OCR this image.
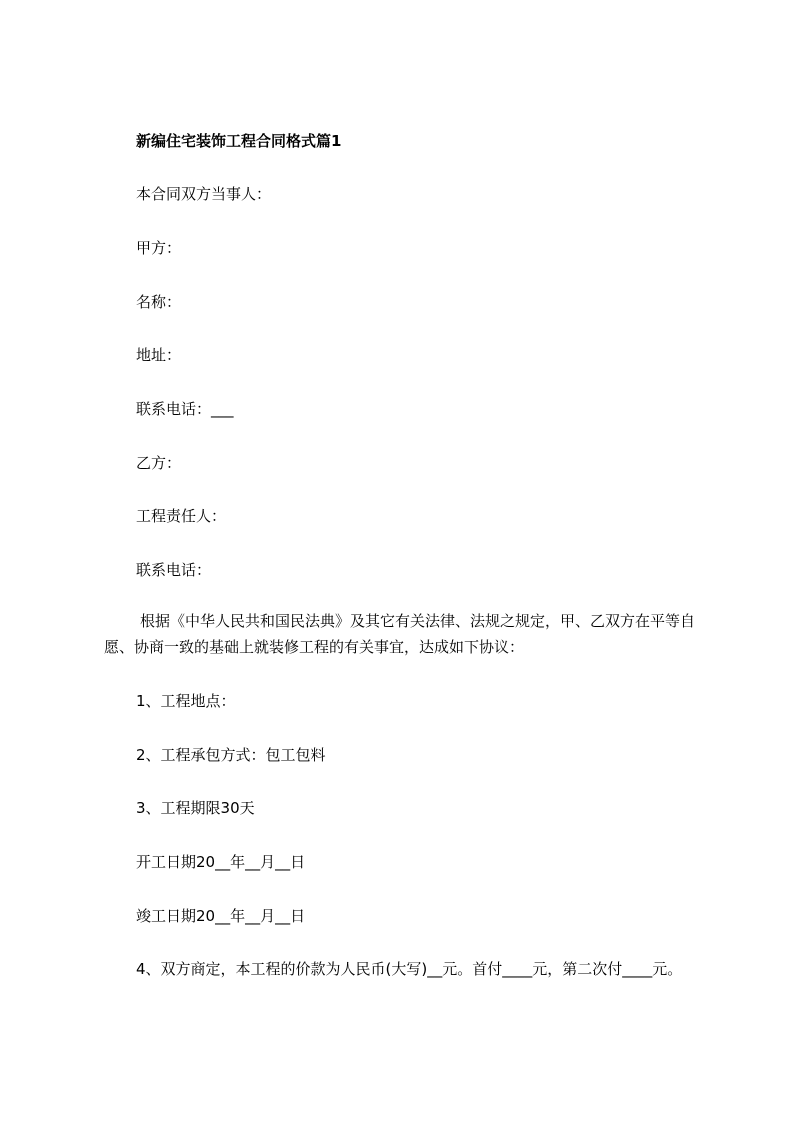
新编住宅装饰工程合同格式篇1
本合同双方当事人：
甲方：
名称：
地址：
联系电话：___
乙方：
工程责任人：
联系电话：
根据《中华人民共和国民法典》及其它有关法律、法规之规定，甲、乙双方在平等自愿、协商一致的基础上就装修工程的有关事宜，达成如下协议：
1、工程地点：
2、工程承包方式：包工包料
3、工程期限30天
开工日期20__年__月__日
竣工日期20__年__月__日
4、双方商定，本工程的价款为人民币(大写)__元。首付____元，第二次付____元。
